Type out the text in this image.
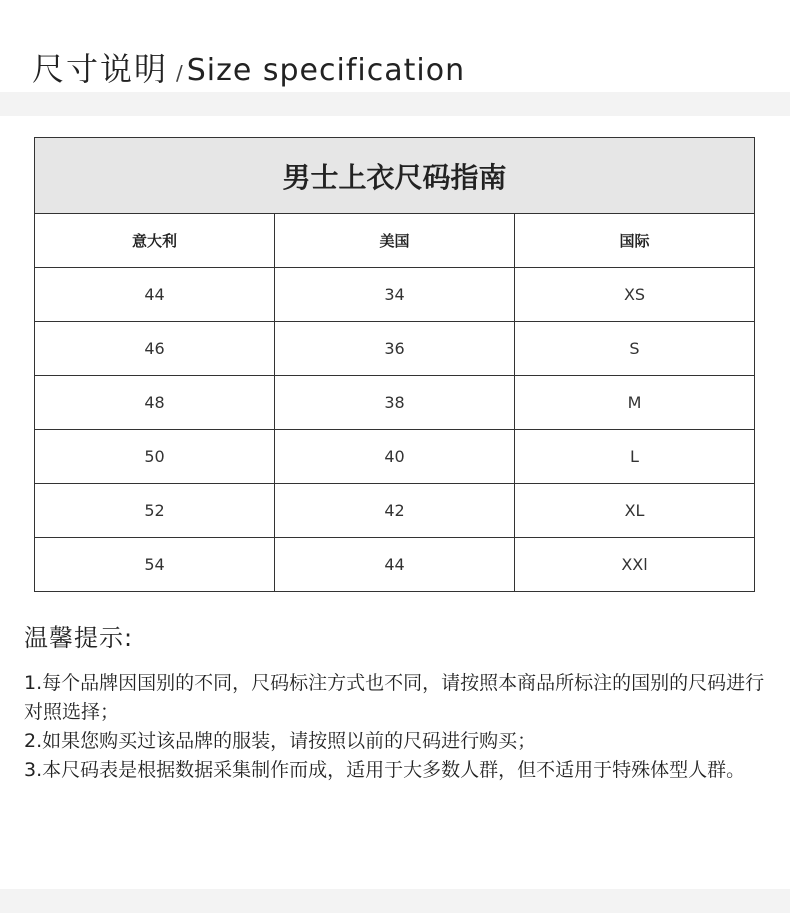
尺寸说明 / Size specification
男士上衣尺码指南		
意大利	美国	国际
44	34	XS
46	36	S
48	38	M
50	40	L
52	42	XL
54	44	XXl
温馨提示:
1.每个品牌因国别的不同，尺码标注方式也不同，请按照本商品所标注的国别的尺码进行对照选择；
2.如果您购买过该品牌的服装，请按照以前的尺码进行购买；
3.本尺码表是根据数据采集制作而成，适用于大多数人群，但不适用于特殊体型人群。
